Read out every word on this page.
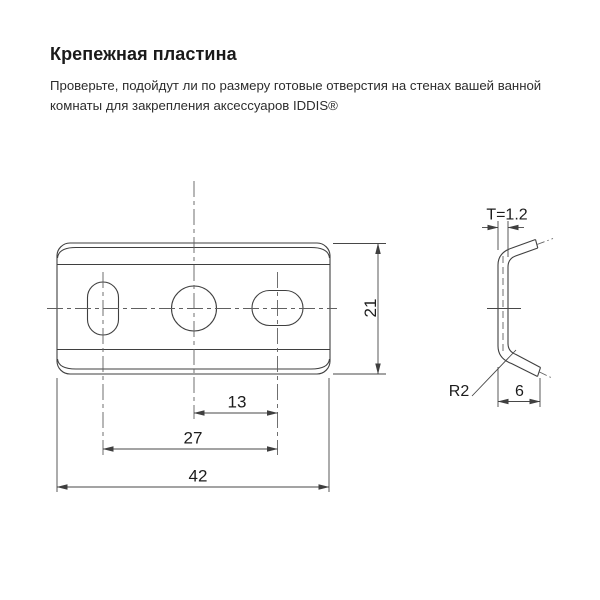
Крепежная пластина

Проверьте, подойдут ли по размеру готовые отверстия на стенах вашей ванной комнаты для закрепления аксессуаров IDDIS®

21
13
27
42
T=1.2
R2	6
